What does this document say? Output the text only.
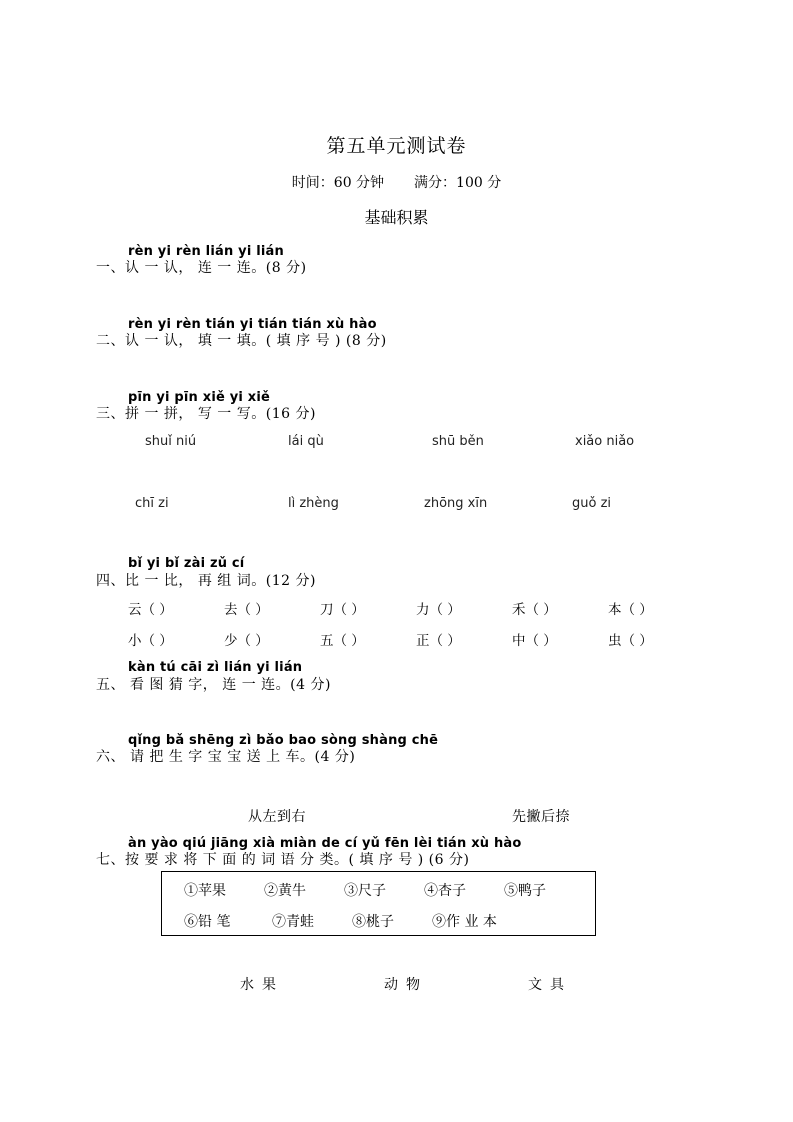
第五单元测试卷
时间：60 分钟 满分：100 分
基础积累
rèn yi rèn lián yi lián
一、认 一 认， 连 一 连。(8 分)
rèn yi rèn tián yi tián tián xù hào
二、认 一 认， 填 一 填。( 填 序 号 ) (8 分)
pīn yi pīn xiě yi xiě
三、拼 一 拼， 写 一 写。(16 分)
shuǐ niú	lái qù	shū běn	xiǎo niǎo
chī zi	lì zhèng	zhōng xīn	guǒ zi
bǐ yi bǐ zài zǔ cí
四、比 一 比， 再 组 词。(12 分)
云（ ）	去（ ）	刀（ ）	力（ ）	禾（ ）	本（ ）
小（ ）	少（ ）	五（ ）	正（ ）	中（ ）	虫（ ）
kàn tú cāi zì lián yi lián
五、 看 图 猜 字， 连 一 连。(4 分)
qǐng bǎ shēng zì bǎo bao sòng shàng chē
六、 请 把 生 字 宝 宝 送 上 车。(4 分)
从左到右	先撇后捺
àn yào qiú jiāng xià miàn de cí yǔ fēn lèi tián xù hào
七、按 要 求 将 下 面 的 词 语 分 类。( 填 序 号 ) (6 分)
①苹果	②黄牛	③尺子	④杏子	⑤鸭子
⑥铅 笔	⑦青蛙	⑧桃子	⑨作 业 本
水果	动物	文具
